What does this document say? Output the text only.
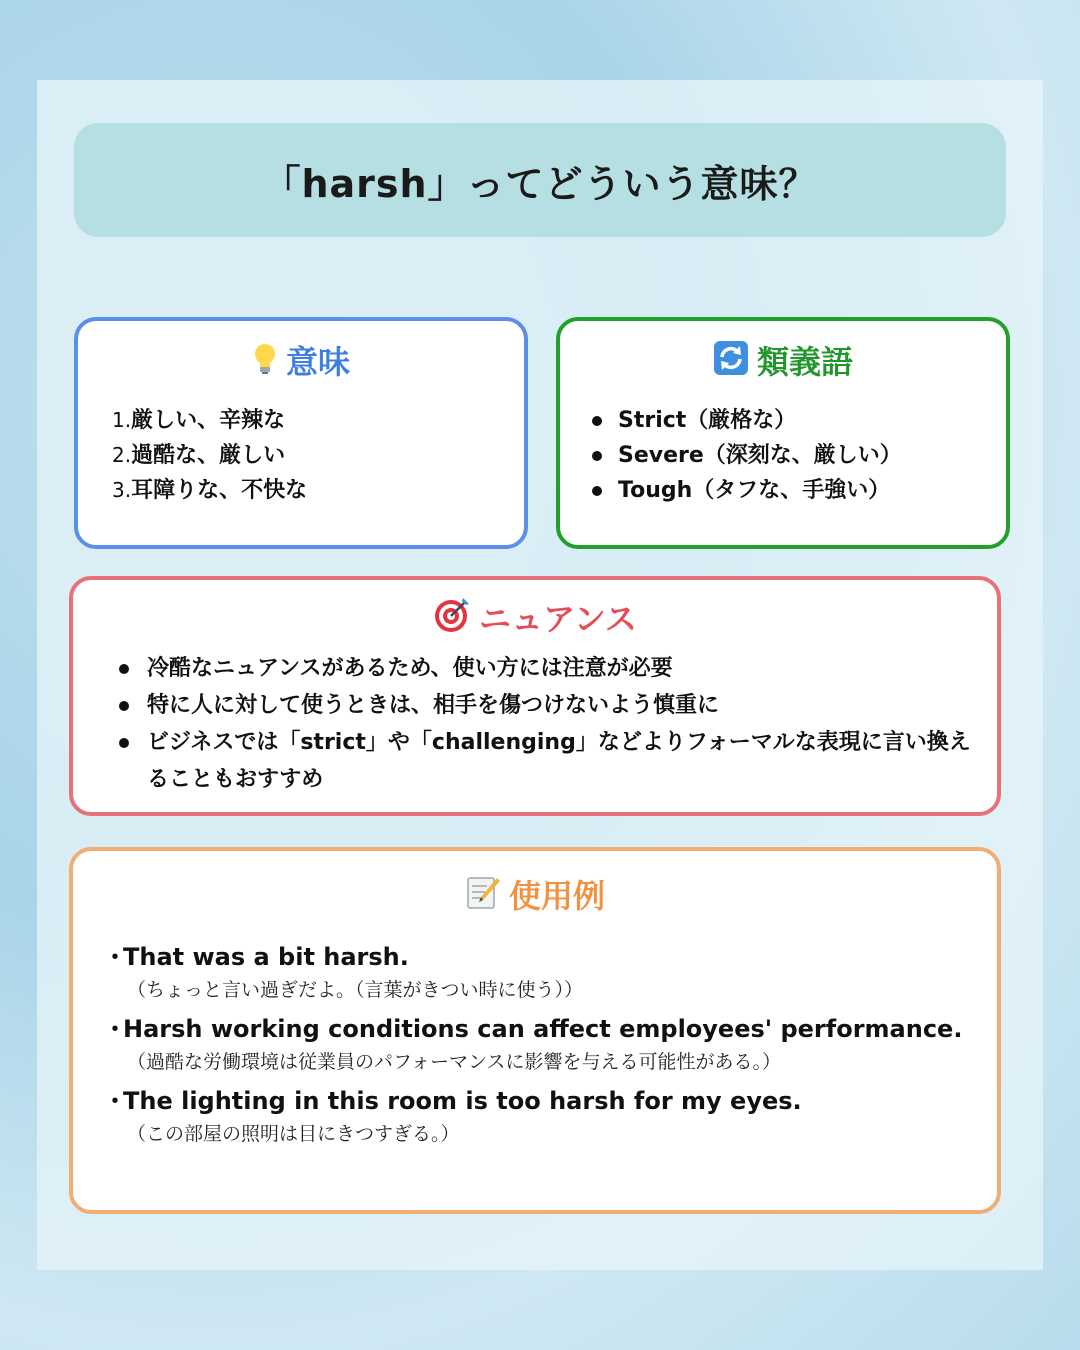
「harsh」ってどういう意味？
意味
1.厳しい、辛辣な
2.過酷な、厳しい
3.耳障りな、不快な
類義語
Strict（厳格な）
Severe（深刻な、厳しい）
Tough（タフな、手強い）
ニュアンス
冷酷なニュアンスがあるため、使い方には注意が必要
特に人に対して使うときは、相手を傷つけないよう慎重に
ビジネスでは「strict」や「challenging」などよりフォーマルな表現に言い換えることもおすすめ
使用例
・That was a bit harsh.
（ちょっと言い過ぎだよ。（言葉がきつい時に使う））
・Harsh working conditions can affect employees' performance.
（過酷な労働環境は従業員のパフォーマンスに影響を与える可能性がある。）
・The lighting in this room is too harsh for my eyes.
（この部屋の照明は目にきつすぎる。）
